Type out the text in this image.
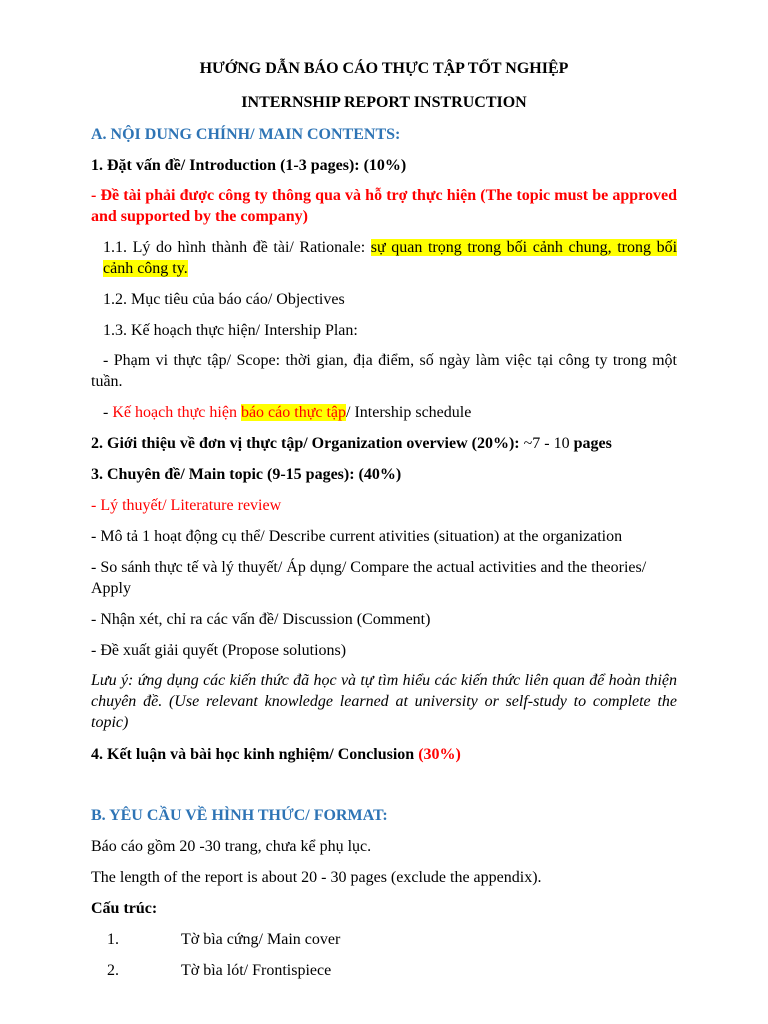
HƯỚNG DẪN BÁO CÁO THỰC TẬP TỐT NGHIỆP
INTERNSHIP REPORT INSTRUCTION
A. NỘI DUNG CHÍNH/ MAIN CONTENTS:
1. Đặt vấn đề/ Introduction (1-3 pages): (10%)
- Đề tài phải được công ty thông qua và hỗ trợ thực hiện (The topic must be approved and supported by the company)
1.1. Lý do hình thành đề tài/ Rationale: sự quan trọng trong bối cảnh chung, trong bối cảnh công ty.
1.2. Mục tiêu của báo cáo/ Objectives
1.3. Kế hoạch thực hiện/ Intership Plan:
- Phạm vi thực tập/ Scope: thời gian, địa điểm, số ngày làm việc tại công ty trong một tuần.
- Kế hoạch thực hiện báo cáo thực tập/ Intership schedule
2. Giới thiệu về đơn vị thực tập/ Organization overview (20%): ~7 - 10 pages
3. Chuyên đề/ Main topic (9-15 pages): (40%)
- Lý thuyết/ Literature review
- Mô tả 1 hoạt động cụ thể/ Describe current ativities (situation) at the organization
- So sánh thực tế và lý thuyết/ Áp dụng/ Compare the actual activities and the theories/ Apply
- Nhận xét, chỉ ra các vấn đề/ Discussion (Comment)
- Đề xuất giải quyết (Propose solutions)
Lưu ý: ứng dụng các kiến thức đã học và tự tìm hiểu các kiến thức liên quan để hoàn thiện chuyên đề. (Use relevant knowledge learned at university or self-study to complete the topic)
4. Kết luận và bài học kinh nghiệm/ Conclusion (30%)
B. YÊU CẦU VỀ HÌNH THỨC/ FORMAT:
Báo cáo gồm 20 -30 trang, chưa kể phụ lục.
The length of the report is about 20 - 30 pages (exclude the appendix).
Cấu trúc:
1.	Tờ bìa cứng/ Main cover
2.	Tờ bìa lót/ Frontispiece
